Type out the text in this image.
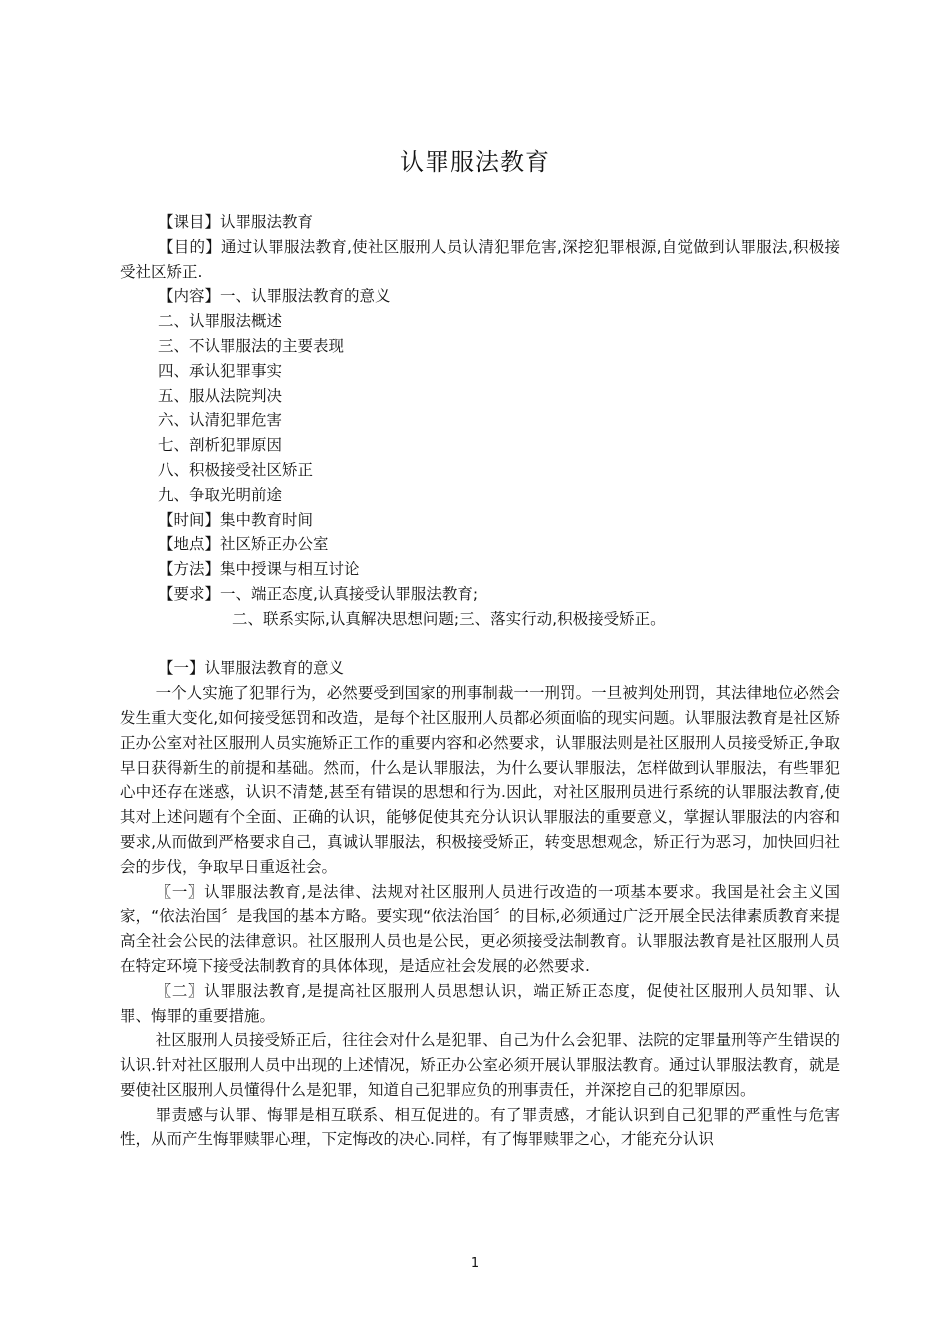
认罪服法教育

【课目】认罪服法教育

【目的】通过认罪服法教育,使社区服刑人员认清犯罪危害,深挖犯罪根源,自觉做到认罪服法,积极接受社区矫正.

【内容】一、认罪服法教育的意义

二、认罪服法概述

三、不认罪服法的主要表现

四、承认犯罪事实

五、服从法院判决

六、认清犯罪危害

七、剖析犯罪原因

八、积极接受社区矫正

九、争取光明前途

【时间】集中教育时间

【地点】社区矫正办公室

【方法】集中授课与相互讨论

【要求】一、端正态度,认真接受认罪服法教育;

二、联系实际,认真解决思想问题;三、落实行动,积极接受矫正。

【一】认罪服法教育的意义

一个人实施了犯罪行为，必然要受到国家的刑事制裁一一刑罚。一旦被判处刑罚，其法律地位必然会发生重大变化,如何接受惩罚和改造，是每个社区服刑人员都必须面临的现实问题。认罪服法教育是社区矫正办公室对社区服刑人员实施矫正工作的重要内容和必然要求，认罪服法则是社区服刑人员接受矫正,争取早日获得新生的前提和基础。然而，什么是认罪服法，为什么要认罪服法，怎样做到认罪服法，有些罪犯心中还存在迷惑，认识不清楚,甚至有错误的思想和行为.因此，对社区服刑员进行系统的认罪服法教育,使其对上述问题有个全面、正确的认识，能够促使其充分认识认罪服法的重要意义，掌握认罪服法的内容和要求,从而做到严格要求自己，真诚认罪服法，积极接受矫正，转变思想观念，矫正行为恶习，加快回归社会的步伐，争取早日重返社会。

〖一〗认罪服法教育,是法律、法规对社区服刑人员进行改造的一项基本要求。我国是社会主义国家，“依法治国〞是我国的基本方略。要实现“依法治国〞的目标,必须通过广泛开展全民法律素质教育来提高全社会公民的法律意识。社区服刑人员也是公民，更必须接受法制教育。认罪服法教育是社区服刑人员在特定环境下接受法制教育的具体体现，是适应社会发展的必然要求.

〖二〗认罪服法教育,是提高社区服刑人员思想认识，端正矫正态度，促使社区服刑人员知罪、认罪、悔罪的重要措施。

社区服刑人员接受矫正后，往往会对什么是犯罪、自己为什么会犯罪、法院的定罪量刑等产生错误的认识.针对社区服刑人员中出现的上述情况，矫正办公室必须开展认罪服法教育。通过认罪服法教育，就是要使社区服刑人员懂得什么是犯罪，知道自己犯罪应负的刑事责任，并深挖自己的犯罪原因。

罪责感与认罪、悔罪是相互联系、相互促进的。有了罪责感，才能认识到自己犯罪的严重性与危害性，从而产生悔罪赎罪心理，下定悔改的决心.同样，有了悔罪赎罪之心，才能充分认识

1
